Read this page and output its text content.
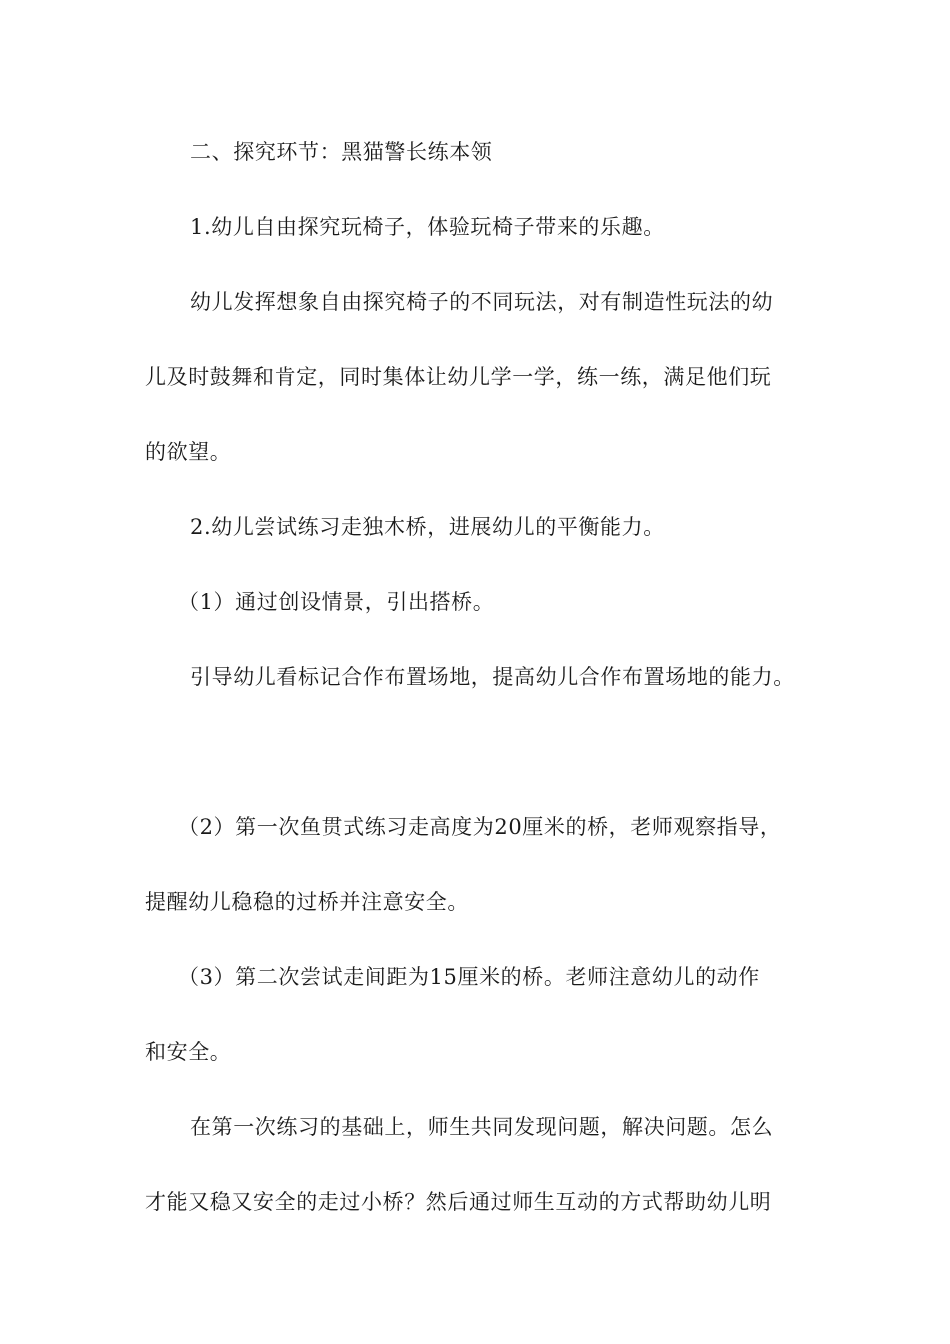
二、探究环节：黑猫警长练本领
1.幼儿自由探究玩椅子，体验玩椅子带来的乐趣。
幼儿发挥想象自由探究椅子的不同玩法，对有制造性玩法的幼
儿及时鼓舞和肯定，同时集体让幼儿学一学，练一练，满足他们玩
的欲望。
2.幼儿尝试练习走独木桥，进展幼儿的平衡能力。
（1）通过创设情景，引出搭桥。
引导幼儿看标记合作布置场地，提高幼儿合作布置场地的能力。
（2）第一次鱼贯式练习走高度为20厘米的桥，老师观察指导，
提醒幼儿稳稳的过桥并注意安全。
（3）第二次尝试走间距为15厘米的桥。老师注意幼儿的动作
和安全。
在第一次练习的基础上，师生共同发现问题，解决问题。怎么
才能又稳又安全的走过小桥？然后通过师生互动的方式帮助幼儿明
